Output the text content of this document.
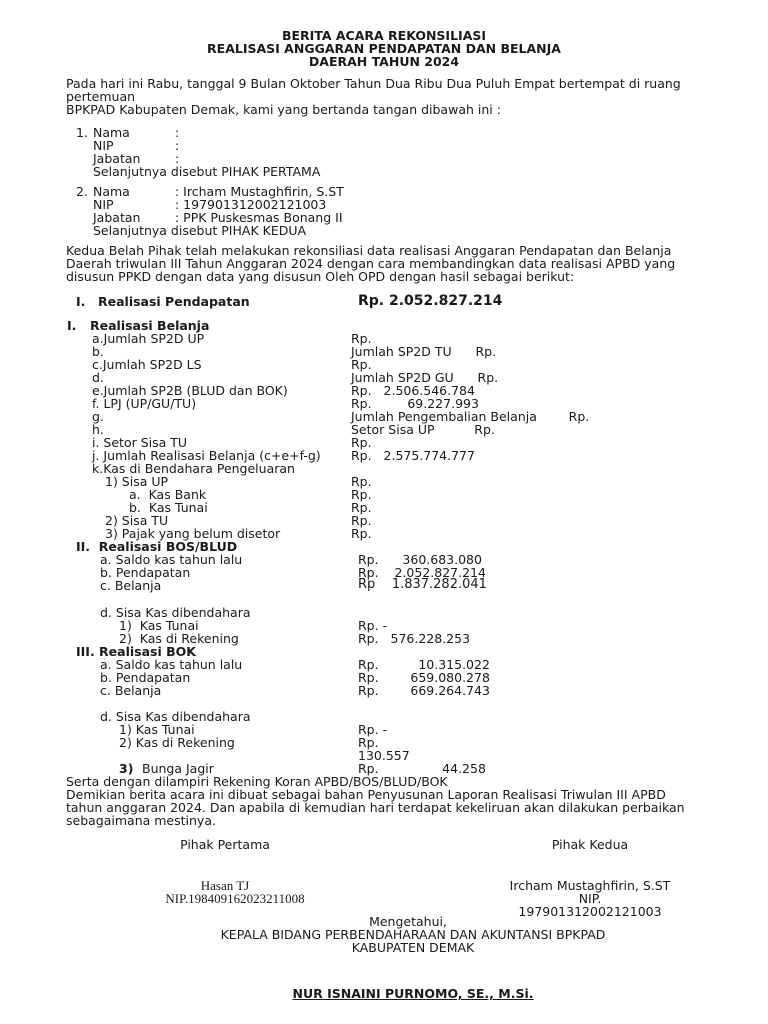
BERITA ACARA REKONSILIASI
REALISASI ANGGARAN PENDAPATAN DAN BELANJA
DAERAH TAHUN 2024
Pada hari ini Rabu, tanggal 9 Bulan Oktober Tahun Dua Ribu Dua Puluh Empat bertempat di ruang
pertemuan
BPKPAD Kabupaten Demak, kami yang bertanda tangan dibawah ini :
1. Nama	:
NIP	:
Jabatan	:
Selanjutnya disebut PIHAK PERTAMA
2. Nama	: Ircham Mustaghfirin, S.ST
NIP	: 197901312002121003
Jabatan	: PPK Puskesmas Bonang II
Selanjutnya disebut PIHAK KEDUA
Kedua Belah Pihak telah melakukan rekonsiliasi data realisasi Anggaran Pendapatan dan Belanja
Daerah triwulan III Tahun Anggaran 2024 dengan cara membandingkan data realisasi APBD yang
disusun PPKD dengan data yang disusun Oleh OPD dengan hasil sebagai berikut:
I. Realisasi Pendapatan	Rp. 2.052.827.214
I. Realisasi Belanja
a.Jumlah SP2D UP	Rp.
b.	Jumlah SP2D TU      Rp.
c.Jumlah SP2D LS	Rp.
d.	Jumlah SP2D GU      Rp.
e.Jumlah SP2B (BLUD dan BOK)	Rp.   2.506.546.784
f. LPJ (UP/GU/TU)	Rp.         69.227.993
g.	Jumlah Pengembalian Belanja        Rp.
h.	Setor Sisa UP          Rp.
i. Setor Sisa TU	Rp.
j. Jumlah Realisasi Belanja (c+e+f-g) Rp.   2.575.774.777
k.Kas di Bendahara Pengeluaran
1) Sisa UP	Rp.
a.  Kas Bank	Rp.
b.  Kas Tunai	Rp.
2) Sisa TU	Rp.
3) Pajak yang belum disetor	Rp.
II.  Realisasi BOS/BLUD
a. Saldo kas tahun lalu	Rp.      360.683.080
b. Pendapatan	Rp.    2.052.827.214
c. Belanja	Rp    1.837.282.041
d. Sisa Kas dibendahara
1)  Kas Tunai	Rp. -
2)  Kas di Rekening	Rp.   576.228.253
III. Realisasi BOK
a. Saldo kas tahun lalu	Rp.          10.315.022
b. Pendapatan	Rp.        659.080.278
c. Belanja	Rp.        669.264.743
d. Sisa Kas dibendahara
1) Kas Tunai	Rp. -
2) Kas di Rekening	Rp.
130.557
3) Bunga Jagir	Rp.                44.258
Serta dengan dilampiri Rekening Koran APBD/BOS/BLUD/BOK
Demikian berita acara ini dibuat sebagai bahan Penyusunan Laporan Realisasi Triwulan III APBD
tahun anggaran 2024. Dan apabila di kemudian hari terdapat kekeliruan akan dilakukan perbaikan
sebagaimana mestinya.
Pihak Pertama	Pihak Kedua
Hasan TJ
NIP.198409162023211008
Ircham Mustaghfirin, S.ST
NIP.
197901312002121003
Mengetahui,
KEPALA BIDANG PERBENDAHARAAN DAN AKUNTANSI BPKPAD
KABUPATEN DEMAK
NUR ISNAINI PURNOMO, SE., M.Si.
